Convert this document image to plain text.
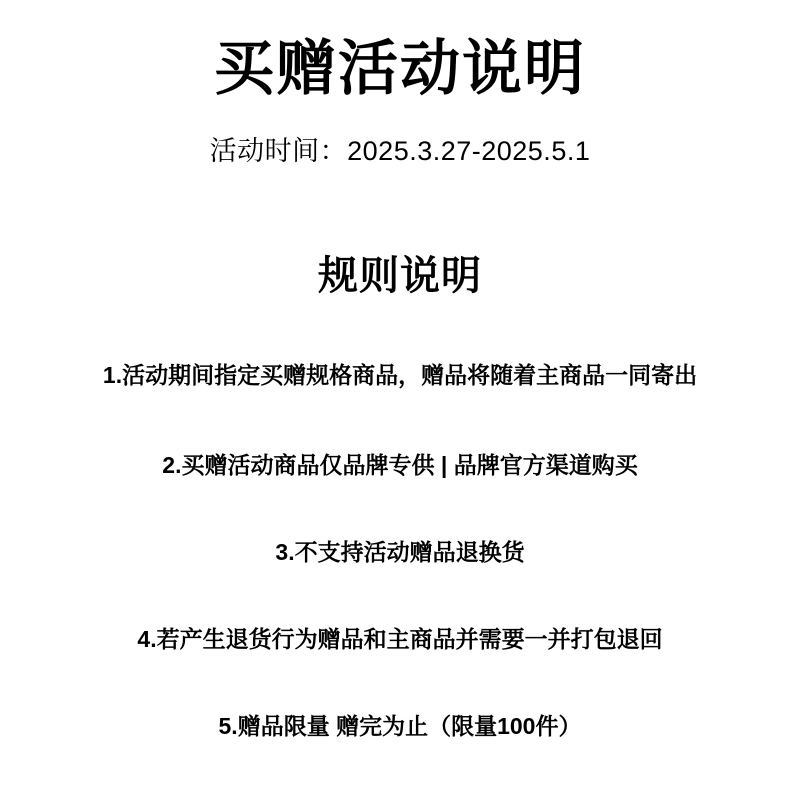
买赠活动说明
活动时间：2025.3.27-2025.5.1
规则说明
1.活动期间指定买赠规格商品，赠品将随着主商品一同寄出
2.买赠活动商品仅品牌专供 | 品牌官方渠道购买
3.不支持活动赠品退换货
4.若产生退货行为赠品和主商品并需要一并打包退回
5.赠品限量 赠完为止（限量100件）
